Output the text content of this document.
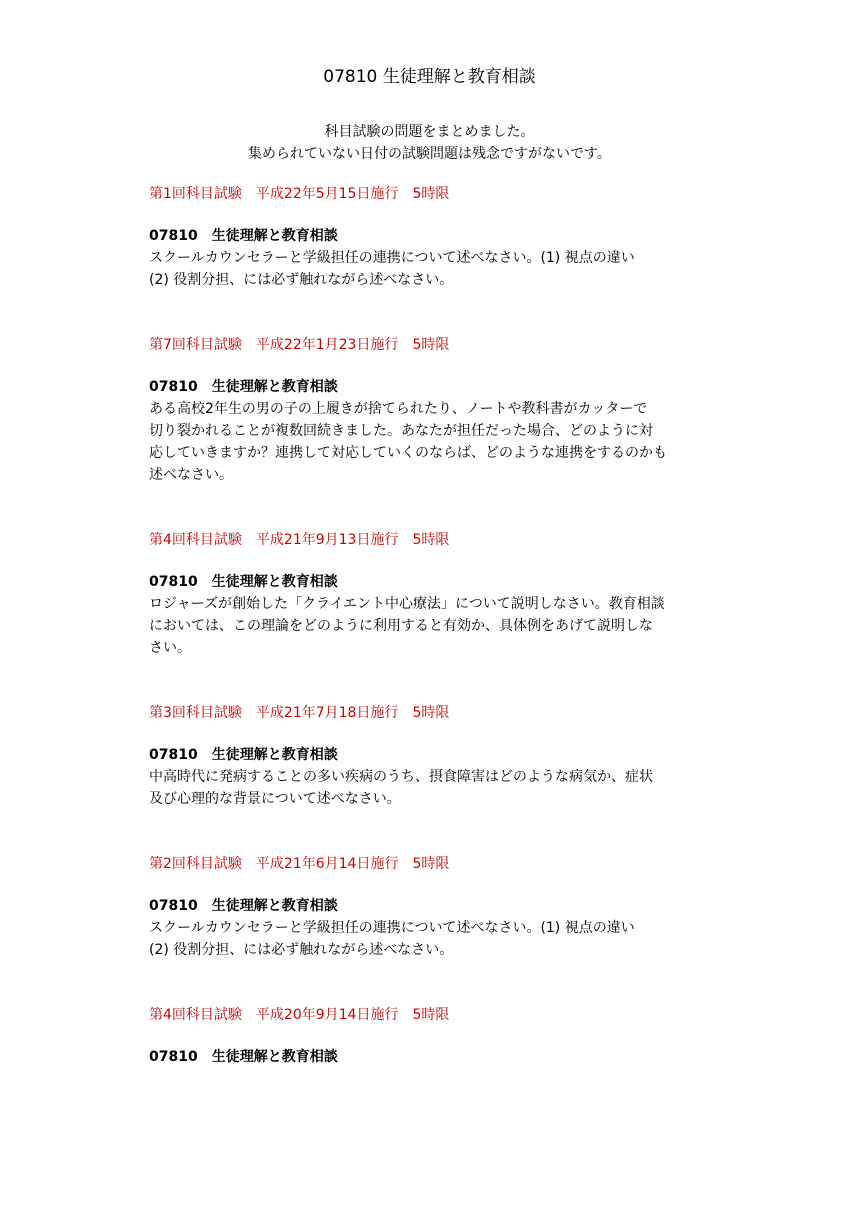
07810 生徒理解と教育相談
科目試験の問題をまとめました。
集められていない日付の試験問題は残念ですがないです。
第1回科目試験　平成22年5月15日施行　5時限
07810　生徒理解と教育相談
スクールカウンセラーと学級担任の連携について述べなさい。(1) 視点の違い
(2) 役割分担、には必ず触れながら述べなさい。
第7回科目試験　平成22年1月23日施行　5時限
07810　生徒理解と教育相談
ある高校2年生の男の子の上履きが捨てられたり、ノートや教科書がカッターで
切り裂かれることが複数回続きました。あなたが担任だった場合、どのように対
応していきますか？連携して対応していくのならば、どのような連携をするのかも
述べなさい。
第4回科目試験　平成21年9月13日施行　5時限
07810　生徒理解と教育相談
ロジャーズが創始した「クライエント中心療法」について説明しなさい。教育相談
においては、この理論をどのように利用すると有効か、具体例をあげて説明しな
さい。
第3回科目試験　平成21年7月18日施行　5時限
07810　生徒理解と教育相談
中高時代に発病することの多い疾病のうち、摂食障害はどのような病気か、症状
及び心理的な背景について述べなさい。
第2回科目試験　平成21年6月14日施行　5時限
07810　生徒理解と教育相談
スクールカウンセラーと学級担任の連携について述べなさい。(1) 視点の違い
(2) 役割分担、には必ず触れながら述べなさい。
第4回科目試験　平成20年9月14日施行　5時限
07810　生徒理解と教育相談
